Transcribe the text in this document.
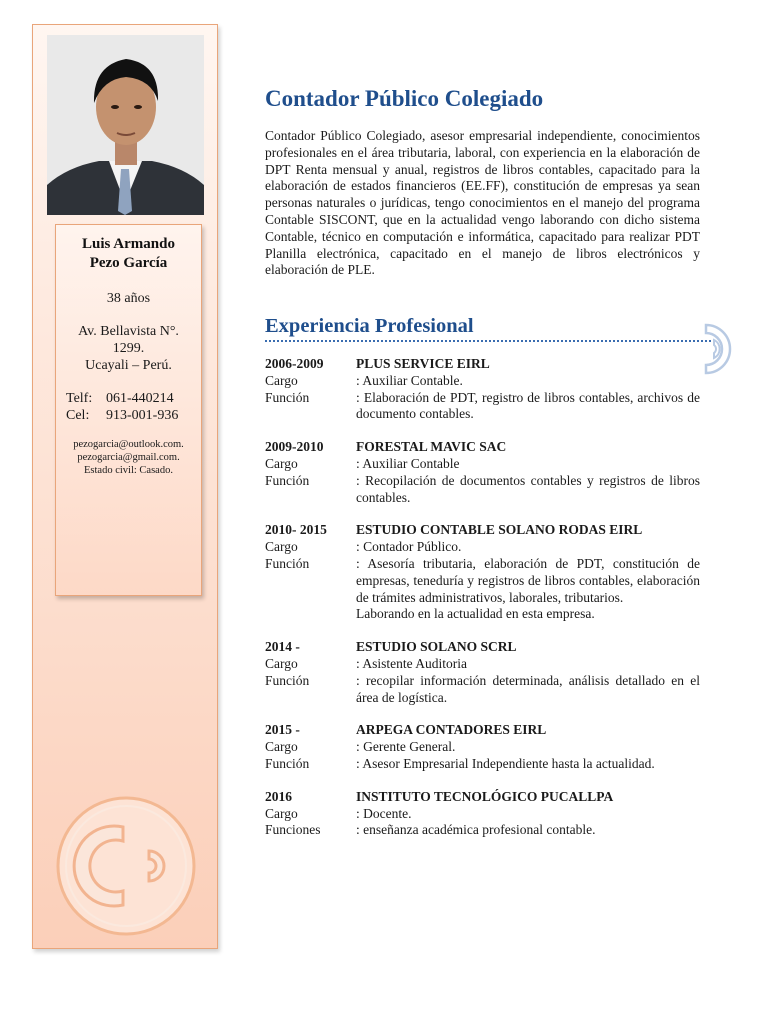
Luis Armando
Pezo García
38 años
Av. Bellavista N°.
1299.
Ucayali – Perú.
Telf: 061-440214
Cel: 913-001-936
pezogarcia@outlook.com.
pezogarcia@gmail.com.
Estado civil: Casado.
Contador Público Colegiado
Contador Público Colegiado, asesor empresarial independiente, conocimientos profesionales en el área tributaria, laboral, con experiencia en la elaboración de DPT Renta mensual y anual, registros de libros contables, capacitado para la elaboración de estados financieros (EE.FF), constitución de empresas ya sean personas naturales o jurídicas, tengo conocimientos en el manejo del programa Contable SISCONT, que en la actualidad vengo laborando con dicho sistema Contable, técnico en computación e informática, capacitado para realizar PDT Planilla electrónica, capacitado en el manejo de libros electrónicos y elaboración de PLE.
Experiencia Profesional
2006-2009	PLUS SERVICE EIRL
Cargo	: Auxiliar Contable.
Función	: Elaboración de PDT, registro de libros contables, archivos de documento contables.
2009-2010	FORESTAL MAVIC SAC
Cargo	: Auxiliar Contable
Función	: Recopilación de documentos contables y registros de libros contables.
2010- 2015	ESTUDIO CONTABLE SOLANO RODAS EIRL
Cargo	: Contador Público.
Función	: Asesoría tributaria, elaboración de PDT, constitución de empresas, teneduría y registros de libros contables, elaboración de trámites administrativos, laborales, tributarios.
Laborando en la actualidad en esta empresa.
2014 -	ESTUDIO SOLANO SCRL
Cargo	: Asistente Auditoria
Función	: recopilar información determinada, análisis detallado en el área de logística.
2015 -	ARPEGA CONTADORES EIRL
Cargo	: Gerente General.
Función	: Asesor Empresarial Independiente hasta la actualidad.
2016	INSTITUTO TECNOLÓGICO PUCALLPA
Cargo	: Docente.
Funciones	: enseñanza académica profesional contable.
